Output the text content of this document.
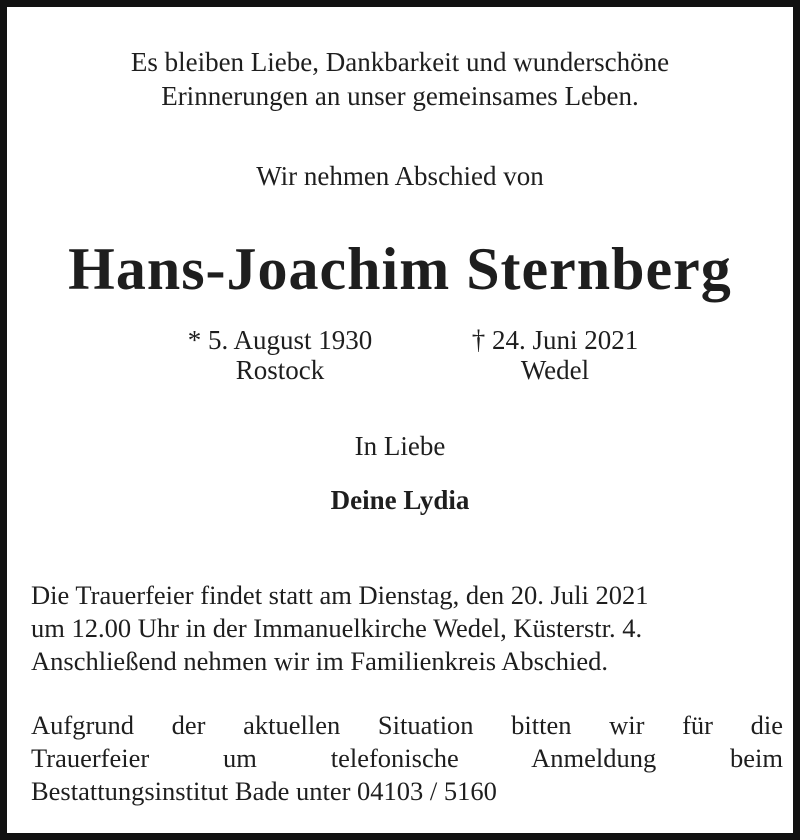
Es bleiben Liebe, Dankbarkeit und wunderschöne
Erinnerungen an unser gemeinsames Leben.
Wir nehmen Abschied von
Hans-Joachim Sternberg
* 5. August 1930
Rostock
† 24. Juni 2021
Wedel
In Liebe
Deine Lydia
Die Trauerfeier findet statt am Dienstag, den 20. Juli 2021
um 12.00 Uhr in der Immanuelkirche Wedel, Küsterstr. 4.
Anschließend nehmen wir im Familienkreis Abschied.
Aufgrund der aktuellen Situation bitten wir für die
Trauerfeier um telefonische Anmeldung beim
Bestattungsinstitut Bade unter 04103 / 5160
